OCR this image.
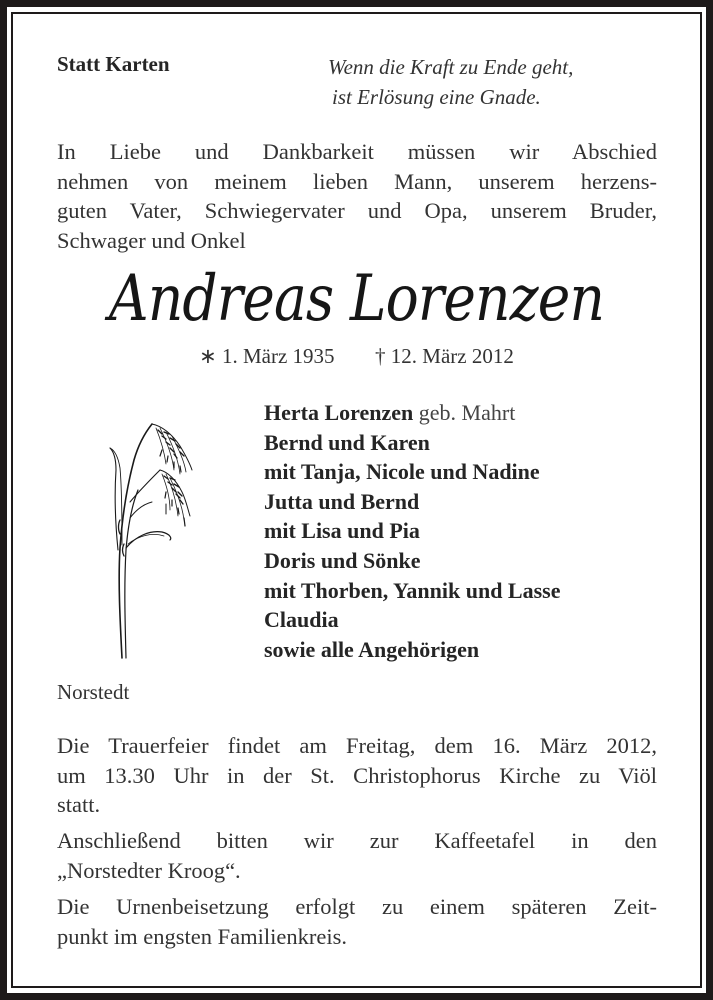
Statt Karten	Wenn die Kraft zu Ende geht,
ist Erlösung eine Gnade.
In Liebe und Dankbarkeit müssen wir Abschied
nehmen von meinem lieben Mann, unserem herzens-
guten Vater, Schwiegervater und Opa, unserem Bruder,
Schwager und Onkel
Andreas Lorenzen
∗ 1. März 1935 † 12. März 2012
Herta Lorenzen geb. Mahrt
Bernd und Karen
mit Tanja, Nicole und Nadine
Jutta und Bernd
mit Lisa und Pia
Doris und Sönke
mit Thorben, Yannik und Lasse
Claudia
sowie alle Angehörigen
Norstedt
Die Trauerfeier findet am Freitag, dem 16. März 2012,
um 13.30 Uhr in der St. Christophorus Kirche zu Viöl
statt.
Anschließend bitten wir zur Kaffeetafel in den
„Norstedter Kroog“.
Die Urnenbeisetzung erfolgt zu einem späteren Zeit-
punkt im engsten Familienkreis.
